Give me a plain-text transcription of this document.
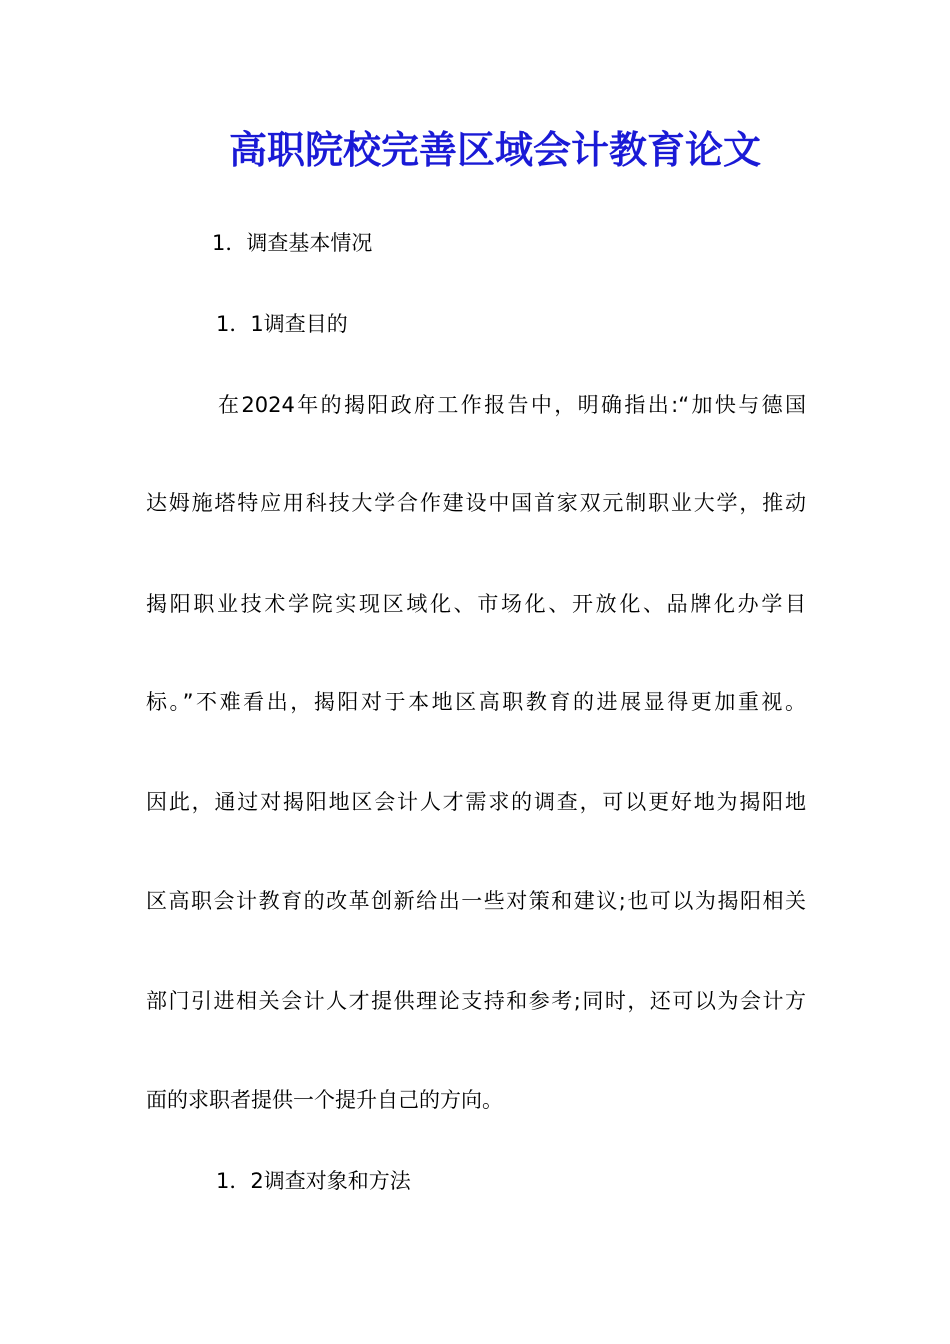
高职院校完善区域会计教育论文
1．调查基本情况
1．1调查目的
在2024年的揭阳政府工作报告中，明确指出:“加快与德国
达姆施塔特应用科技大学合作建设中国首家双元制职业大学，推动
揭阳职业技术学院实现区域化、市场化、开放化、品牌化办学目
标。”不难看出，揭阳对于本地区高职教育的进展显得更加重视。
因此，通过对揭阳地区会计人才需求的调查，可以更好地为揭阳地
区高职会计教育的改革创新给出一些对策和建议;也可以为揭阳相关
部门引进相关会计人才提供理论支持和参考;同时，还可以为会计方
面的求职者提供一个提升自己的方向。
1．2调查对象和方法
